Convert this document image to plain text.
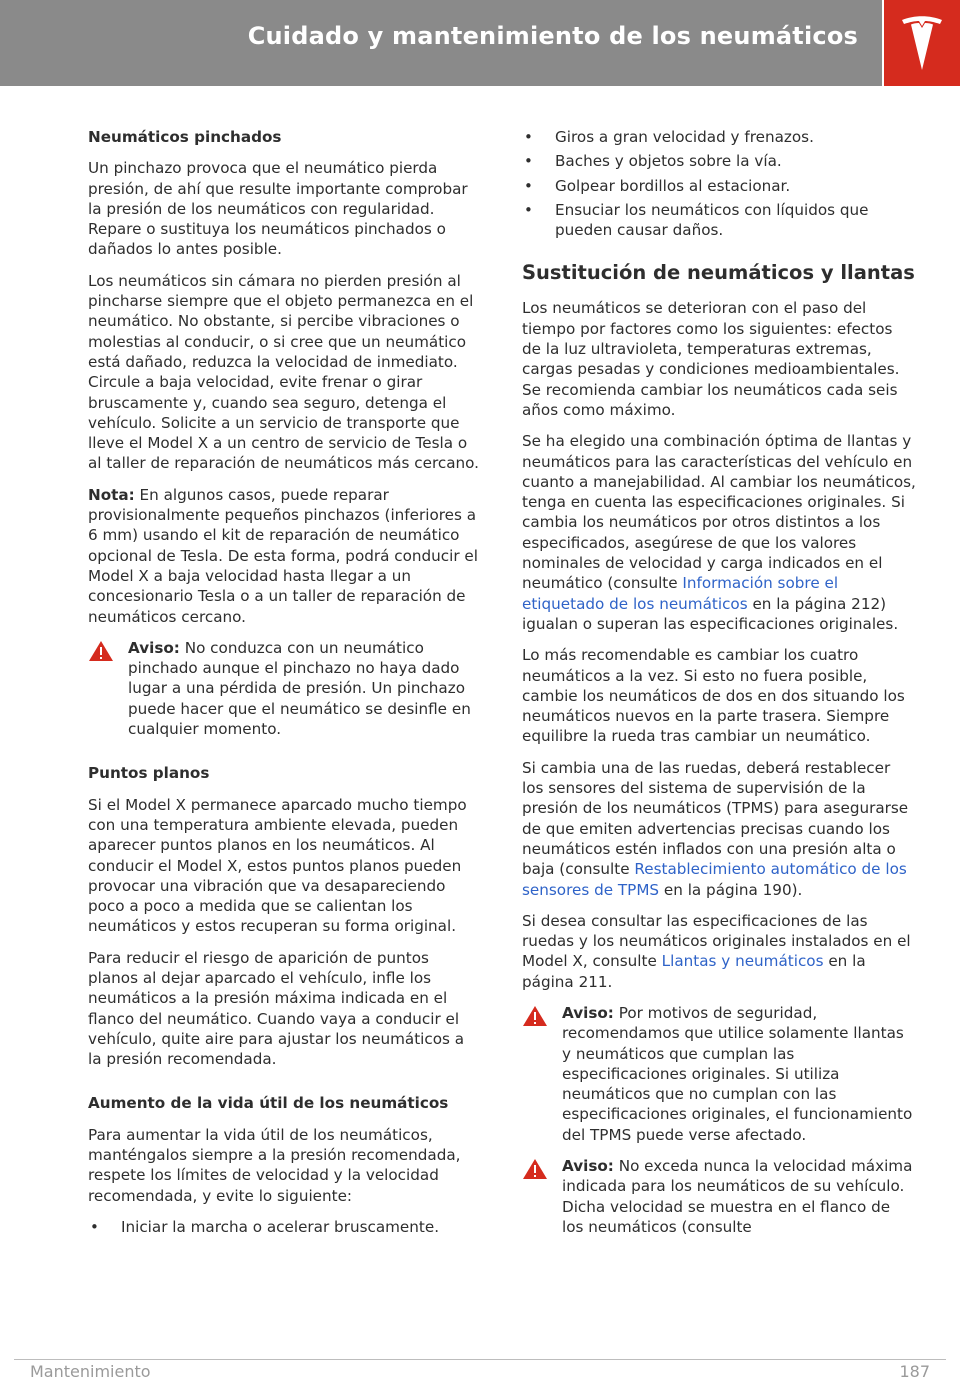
Cuidado y mantenimiento de los neumáticos
Neumáticos pinchados

Un pinchazo provoca que el neumático pierda presión, de ahí que resulte importante comprobar la presión de los neumáticos con regularidad. Repare o sustituya los neumáticos pinchados o dañados lo antes posible.

Los neumáticos sin cámara no pierden presión al pincharse siempre que el objeto permanezca en el neumático. No obstante, si percibe vibraciones o molestias al conducir, o si cree que un neumático está dañado, reduzca la velocidad de inmediato. Circule a baja velocidad, evite frenar o girar bruscamente y, cuando sea seguro, detenga el vehículo. Solicite a un servicio de transporte que lleve el Model X a un centro de servicio de Tesla o al taller de reparación de neumáticos más cercano.

Nota: En algunos casos, puede reparar provisionalmente pequeños pinchazos (inferiores a 6 mm) usando el kit de reparación de neumático opcional de Tesla. De esta forma, podrá conducir el Model X a baja velocidad hasta llegar a un concesionario Tesla o a un taller de reparación de neumáticos cercano.

Aviso: No conduzca con un neumático pinchado aunque el pinchazo no haya dado lugar a una pérdida de presión. Un pinchazo puede hacer que el neumático se desinfle en cualquier momento.
Puntos planos

Si el Model X permanece aparcado mucho tiempo con una temperatura ambiente elevada, pueden aparecer puntos planos en los neumáticos. Al conducir el Model X, estos puntos planos pueden provocar una vibración que va desapareciendo poco a poco a medida que se calientan los neumáticos y estos recuperan su forma original.

Para reducir el riesgo de aparición de puntos planos al dejar aparcado el vehículo, infle los neumáticos a la presión máxima indicada en el flanco del neumático. Cuando vaya a conducir el vehículo, quite aire para ajustar los neumáticos a la presión recomendada.

Aumento de la vida útil de los neumáticos

Para aumentar la vida útil de los neumáticos, manténgalos siempre a la presión recomendada, respete los límites de velocidad y la velocidad recomendada, y evite lo siguiente:

• Iniciar la marcha o acelerar bruscamente.
• Giros a gran velocidad y frenazos.
• Baches y objetos sobre la vía.
• Golpear bordillos al estacionar.
• Ensuciar los neumáticos con líquidos que pueden causar daños.
Sustitución de neumáticos y llantas

Los neumáticos se deterioran con el paso del tiempo por factores como los siguientes: efectos de la luz ultravioleta, temperaturas extremas, cargas pesadas y condiciones medioambientales. Se recomienda cambiar los neumáticos cada seis años como máximo.

Se ha elegido una combinación óptima de llantas y neumáticos para las características del vehículo en cuanto a manejabilidad. Al cambiar los neumáticos, tenga en cuenta las especificaciones originales. Si cambia los neumáticos por otros distintos a los especificados, asegúrese de que los valores nominales de velocidad y carga indicados en el neumático (consulte Información sobre el etiquetado de los neumáticos en la página 212) igualan o superan las especificaciones originales.

Lo más recomendable es cambiar los cuatro neumáticos a la vez. Si esto no fuera posible, cambie los neumáticos de dos en dos situando los neumáticos nuevos en la parte trasera. Siempre equilibre la rueda tras cambiar un neumático.

Si cambia una de las ruedas, deberá restablecer los sensores del sistema de supervisión de la presión de los neumáticos (TPMS) para asegurarse de que emiten advertencias precisas cuando los neumáticos estén inflados con una presión alta o baja (consulte Restablecimiento automático de los sensores de TPMS en la página 190).

Si desea consultar las especificaciones de las ruedas y los neumáticos originales instalados en el Model X, consulte Llantas y neumáticos en la página 211.

Aviso: Por motivos de seguridad, recomendamos que utilice solamente llantas y neumáticos que cumplan las especificaciones originales. Si utiliza neumáticos que no cumplan con las especificaciones originales, el funcionamiento del TPMS puede verse afectado.
Aviso: No exceda nunca la velocidad máxima indicada para los neumáticos de su vehículo. Dicha velocidad se muestra en el flanco de los neumáticos (consulte
Mantenimiento	187
